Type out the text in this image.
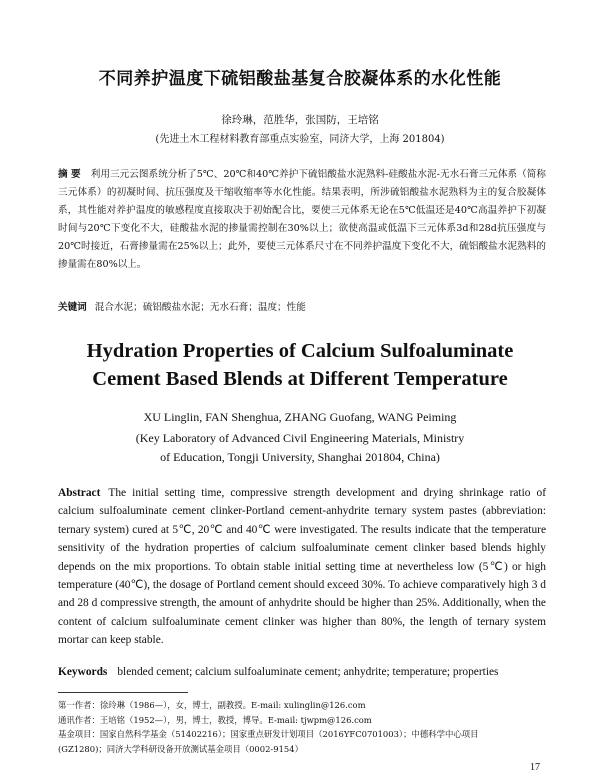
不同养护温度下硫铝酸盐基复合胶凝体系的水化性能
徐玲琳，范胜华，张国防，王培铭
(先进土木工程材料教育部重点实验室，同济大学，上海 201804)
摘 要 利用三元云图系统分析了5℃、20℃和40℃养护下硫铝酸盐水泥熟料-硅酸盐水泥-无水石膏三元体系（简称三元体系）的初凝时间、抗压强度及干缩收缩率等水化性能。结果表明，所涉硫铝酸盐水泥熟料为主的复合胶凝体系，其性能对养护温度的敏感程度直接取决于初始配合比，要使三元体系无论在5℃低温还是40℃高温养护下初凝时间与20℃下变化不大，硅酸盐水泥的掺量需控制在30%以上；欲使高温或低温下三元体系3d和28d抗压强度与20℃时接近，石膏掺量需在25%以上；此外，要使三元体系尺寸在不同养护温度下变化不大，硫铝酸盐水泥熟料的掺量需在80%以上。
关键词 混合水泥；硫铝酸盐水泥；无水石膏；温度；性能
Hydration Properties of Calcium Sulfoaluminate
Cement Based Blends at Different Temperature
XU Linglin, FAN Shenghua, ZHANG Guofang, WANG Peiming
(Key Laboratory of Advanced Civil Engineering Materials, Ministry of Education, Tongji University, Shanghai 201804, China)
Abstract The initial setting time, compressive strength development and drying shrinkage ratio of calcium sulfoaluminate cement clinker-Portland cement-anhydrite ternary system pastes (abbreviation: ternary system) cured at 5℃, 20℃ and 40℃ were investigated. The results indicate that the temperature sensitivity of the hydration properties of calcium sulfoaluminate cement clinker based blends highly depends on the mix proportions. To obtain stable initial setting time at nevertheless low (5℃) or high temperature (40℃), the dosage of Portland cement should exceed 30%. To achieve comparatively high 3 d and 28 d compressive strength, the amount of anhydrite should be higher than 25%. Additionally, when the content of calcium sulfoaluminate cement clinker was higher than 80%, the length of ternary system mortar can keep stable.
Keywords blended cement; calcium sulfoaluminate cement; anhydrite; temperature; properties
第一作者：徐玲琳（1986—），女，博士，副教授。E-mail: xulinglin@126.com
通讯作者：王培铭（1952—），男，博士，教授，博导。E-mail: tjwpm@126.com
基金项目：国家自然科学基金（51402216）；国家重点研发计划项目（2016YFC0701003）；中德科学中心项目
(GZ1280)；同济大学科研设备开放测试基金项目（0002-9154）
17
